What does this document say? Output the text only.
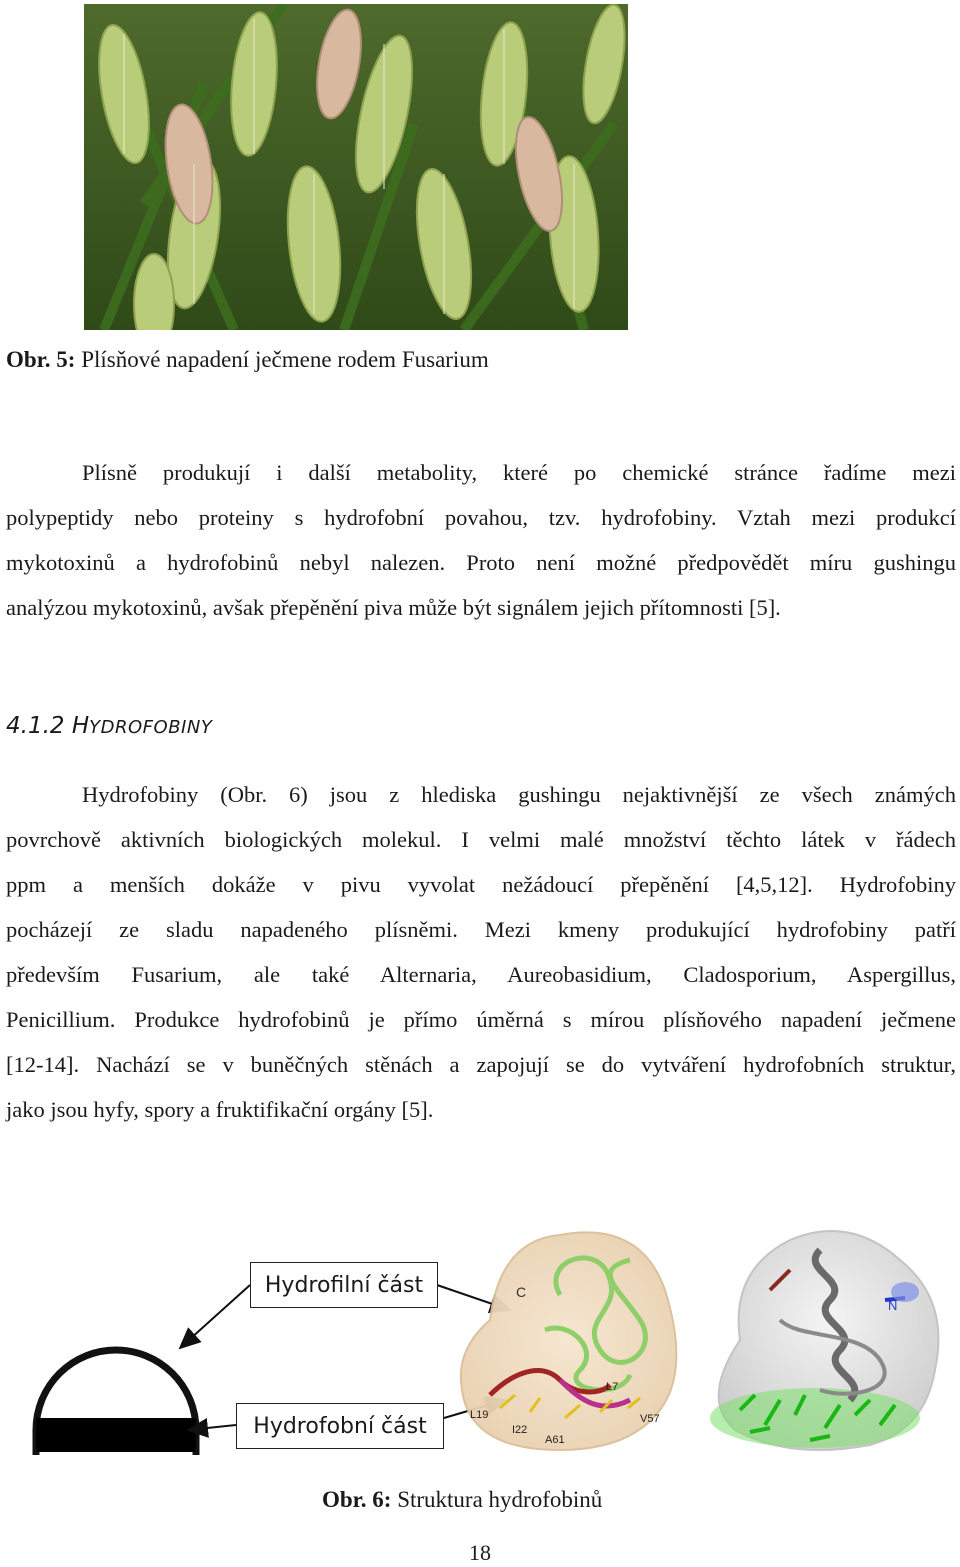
Obr. 5: Plísňové napadení ječmene rodem Fusarium
Plísně produkují i další metabolity, které po chemické stránce řadíme mezi
polypeptidy nebo proteiny s hydrofobní povahou, tzv. hydrofobiny. Vztah mezi produkcí
mykotoxinů a hydrofobinů nebyl nalezen. Proto není možné předpovědět míru gushingu
analýzou mykotoxinů, avšak přepěnění piva může být signálem jejich přítomnosti [5].
4.1.2 HYDROFOBINY
Hydrofobiny (Obr. 6) jsou z hlediska gushingu nejaktivnější ze všech známých
povrchově aktivních biologických molekul. I velmi malé množství těchto látek v řádech
ppm a menších dokáže v pivu vyvolat nežádoucí přepěnění [4,5,12]. Hydrofobiny
pocházejí ze sladu napadeného plísněmi. Mezi kmeny produkující hydrofobiny patří
především Fusarium, ale také Alternaria, Aureobasidium, Cladosporium, Aspergillus,
Penicillium. Produkce hydrofobinů je přímo úměrná s mírou plísňového napadení ječmene
[12-14]. Nachází se v buněčných stěnách a zapojují se do vytváření hydrofobních struktur,
jako jsou hyfy, spory a fruktifikační orgány [5].
C
L7
L19
I22
A61
V57
N
Hydrofilní část
Hydrofobní část
Obr. 6: Struktura hydrofobinů
18
